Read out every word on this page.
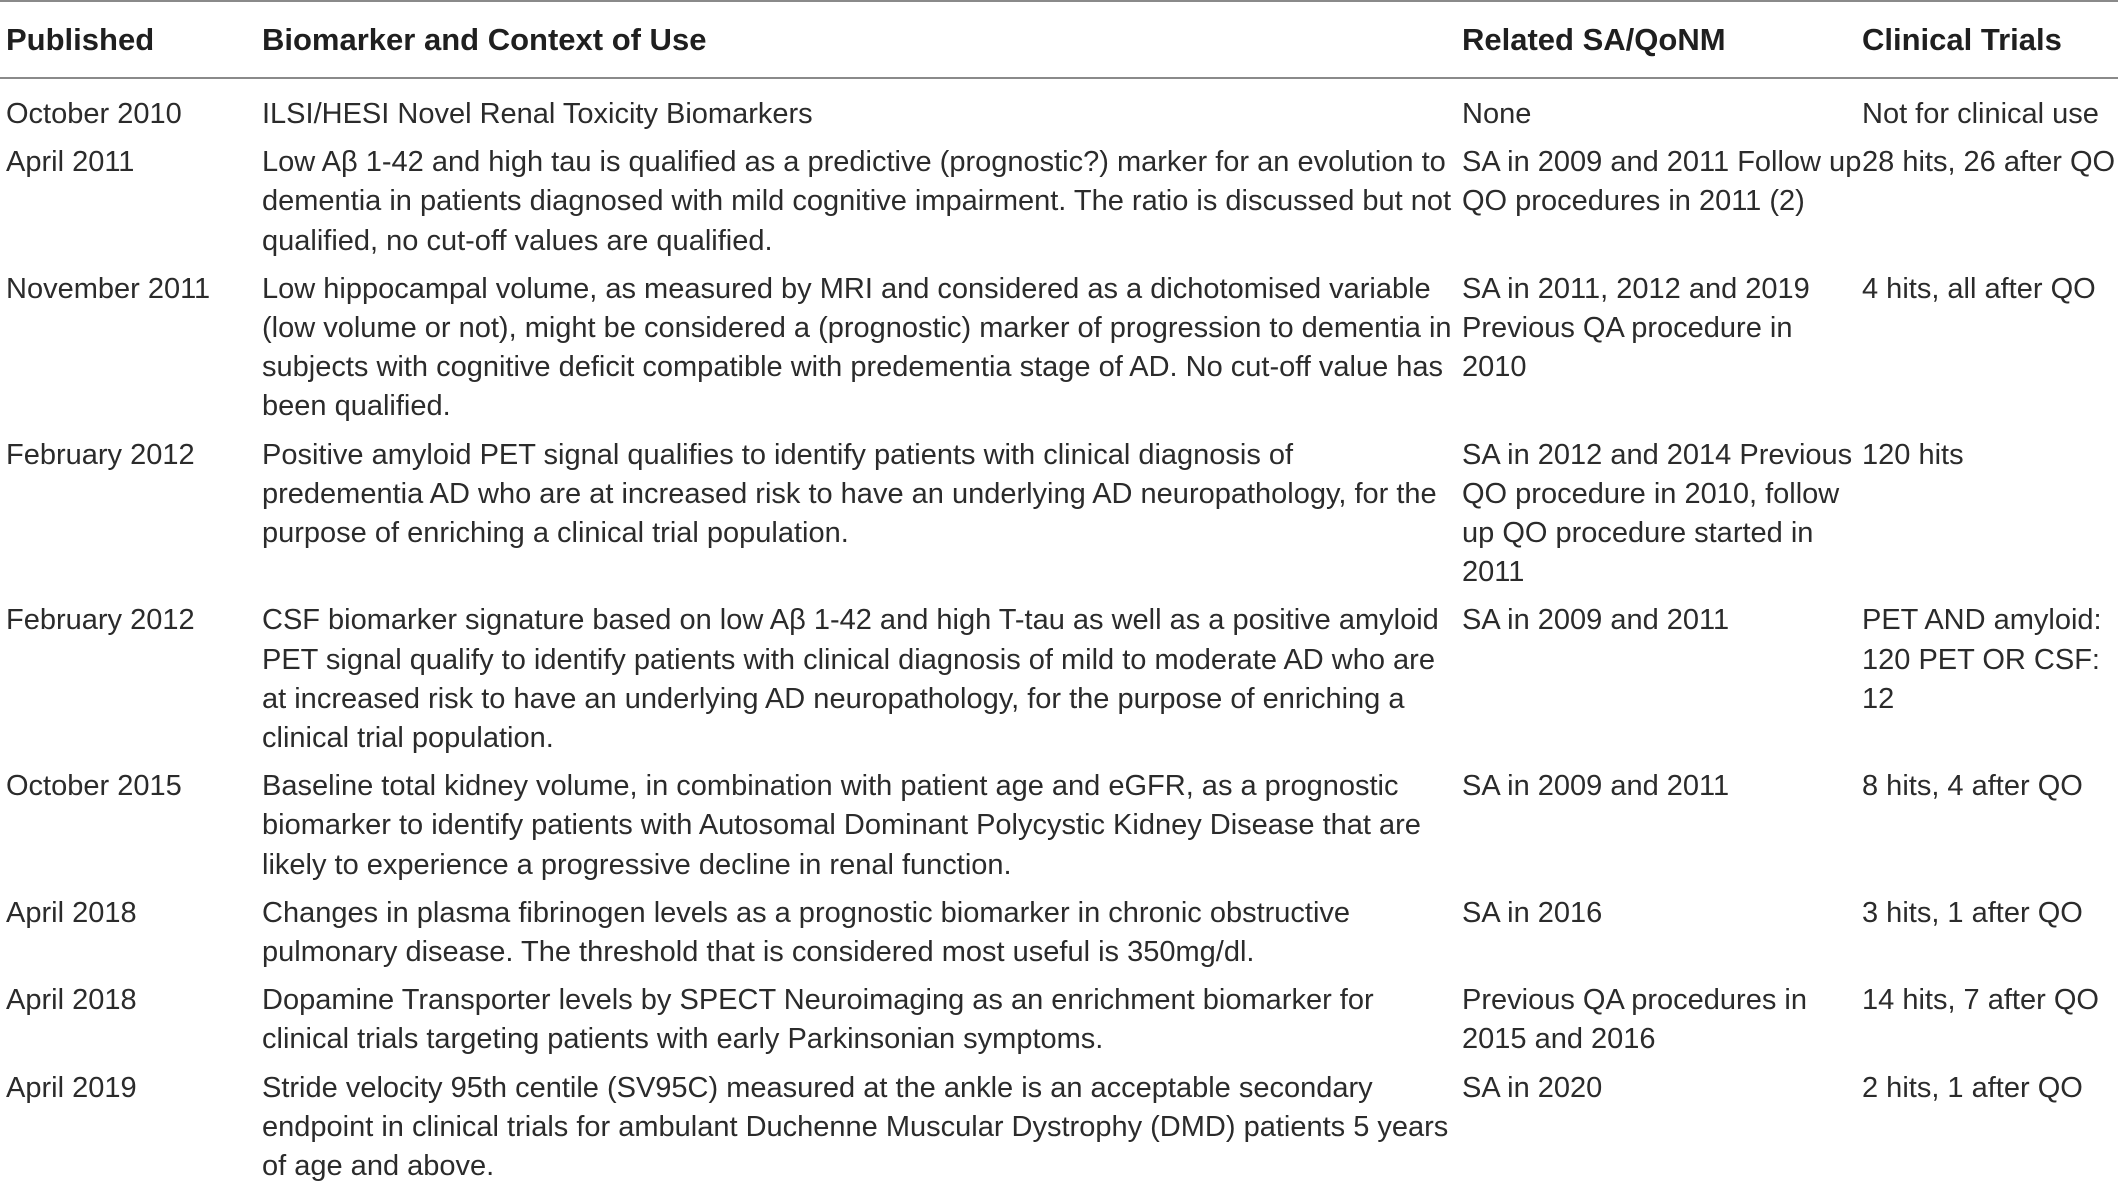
Published	Biomarker and Context of Use	Related SA/QoNM	Clinical Trials
October 2010	ILSI/HESI Novel Renal Toxicity Biomarkers	None	Not for clinical use
April 2011	Low Aβ 1-42 and high tau is qualified as a predictive (prognostic?) marker for an evolution to dementia in patients diagnosed with mild cognitive impairment. The ratio is discussed but not qualified, no cut-off values are qualified.	SA in 2009 and 2011 Follow up QO procedures in 2011 (2)	28 hits, 26 after QO
November 2011	Low hippocampal volume, as measured by MRI and considered as a dichotomised variable (low volume or not), might be considered a (prognostic) marker of progression to dementia in subjects with cognitive deficit compatible with predementia stage of AD. No cut-off value has been qualified.	SA in 2011, 2012 and 2019 Previous QA procedure in 2010	4 hits, all after QO
February 2012	Positive amyloid PET signal qualifies to identify patients with clinical diagnosis of predementia AD who are at increased risk to have an underlying AD neuropathology, for the purpose of enriching a clinical trial population.	SA in 2012 and 2014 Previous QO procedure in 2010, follow up QO procedure started in 2011	120 hits
February 2012	CSF biomarker signature based on low Aβ 1-42 and high T-tau as well as a positive amyloid PET signal qualify to identify patients with clinical diagnosis of mild to moderate AD who are at increased risk to have an underlying AD neuropathology, for the purpose of enriching a clinical trial population.	SA in 2009 and 2011	PET AND amyloid: 120 PET OR CSF: 12
October 2015	Baseline total kidney volume, in combination with patient age and eGFR, as a prognostic biomarker to identify patients with Autosomal Dominant Polycystic Kidney Disease that are likely to experience a progressive decline in renal function.	SA in 2009 and 2011	8 hits, 4 after QO
April 2018	Changes in plasma fibrinogen levels as a prognostic biomarker in chronic obstructive pulmonary disease. The threshold that is considered most useful is 350mg/dl.	SA in 2016	3 hits, 1 after QO
April 2018	Dopamine Transporter levels by SPECT Neuroimaging as an enrichment biomarker for clinical trials targeting patients with early Parkinsonian symptoms.	Previous QA procedures in 2015 and 2016	14 hits, 7 after QO
April 2019	Stride velocity 95th centile (SV95C) measured at the ankle is an acceptable secondary endpoint in clinical trials for ambulant Duchenne Muscular Dystrophy (DMD) patients 5 years of age and above.	SA in 2020	2 hits, 1 after QO
